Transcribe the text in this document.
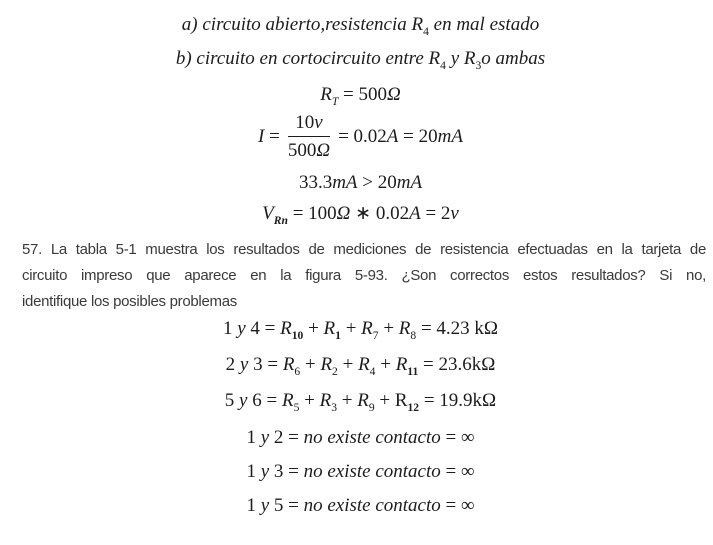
a) circuito abierto,resistencia $R_4$ en mal estado
b) circuito en cortocircuito entre $R_4$ y $R_3o$ ambas
$R_T = 500\Omega$
$I = \frac{10v}{500\Omega} = 0.02A = 20mA$
33.3mA > 20mA
$V_{Rn} = 100\Omega$ ∗ 0.02A = 2v
57. La tabla 5-1 muestra los resultados de mediciones de resistencia efectuadas en la tarjeta de
circuito impreso que aparece en la figura 5-93. ¿Son correctos estos resultados? Si no,
identifique los posibles problemas
1 y $4 = R_{10} + R_1 + R_7 + R_8 = 4.23$ kΩ
2 y $3 = R_6 + R_2 + R_4 + R_{11} = 23.6k\Omega$
5 y $6 = R_5 + R_3 + R_9 + R_{12} = 19.9k\Omega$
1 y 2 = no existe contacto = ∞
1 y 3 = no existe contacto = ∞
1 y 5 = no existe contacto = ∞
